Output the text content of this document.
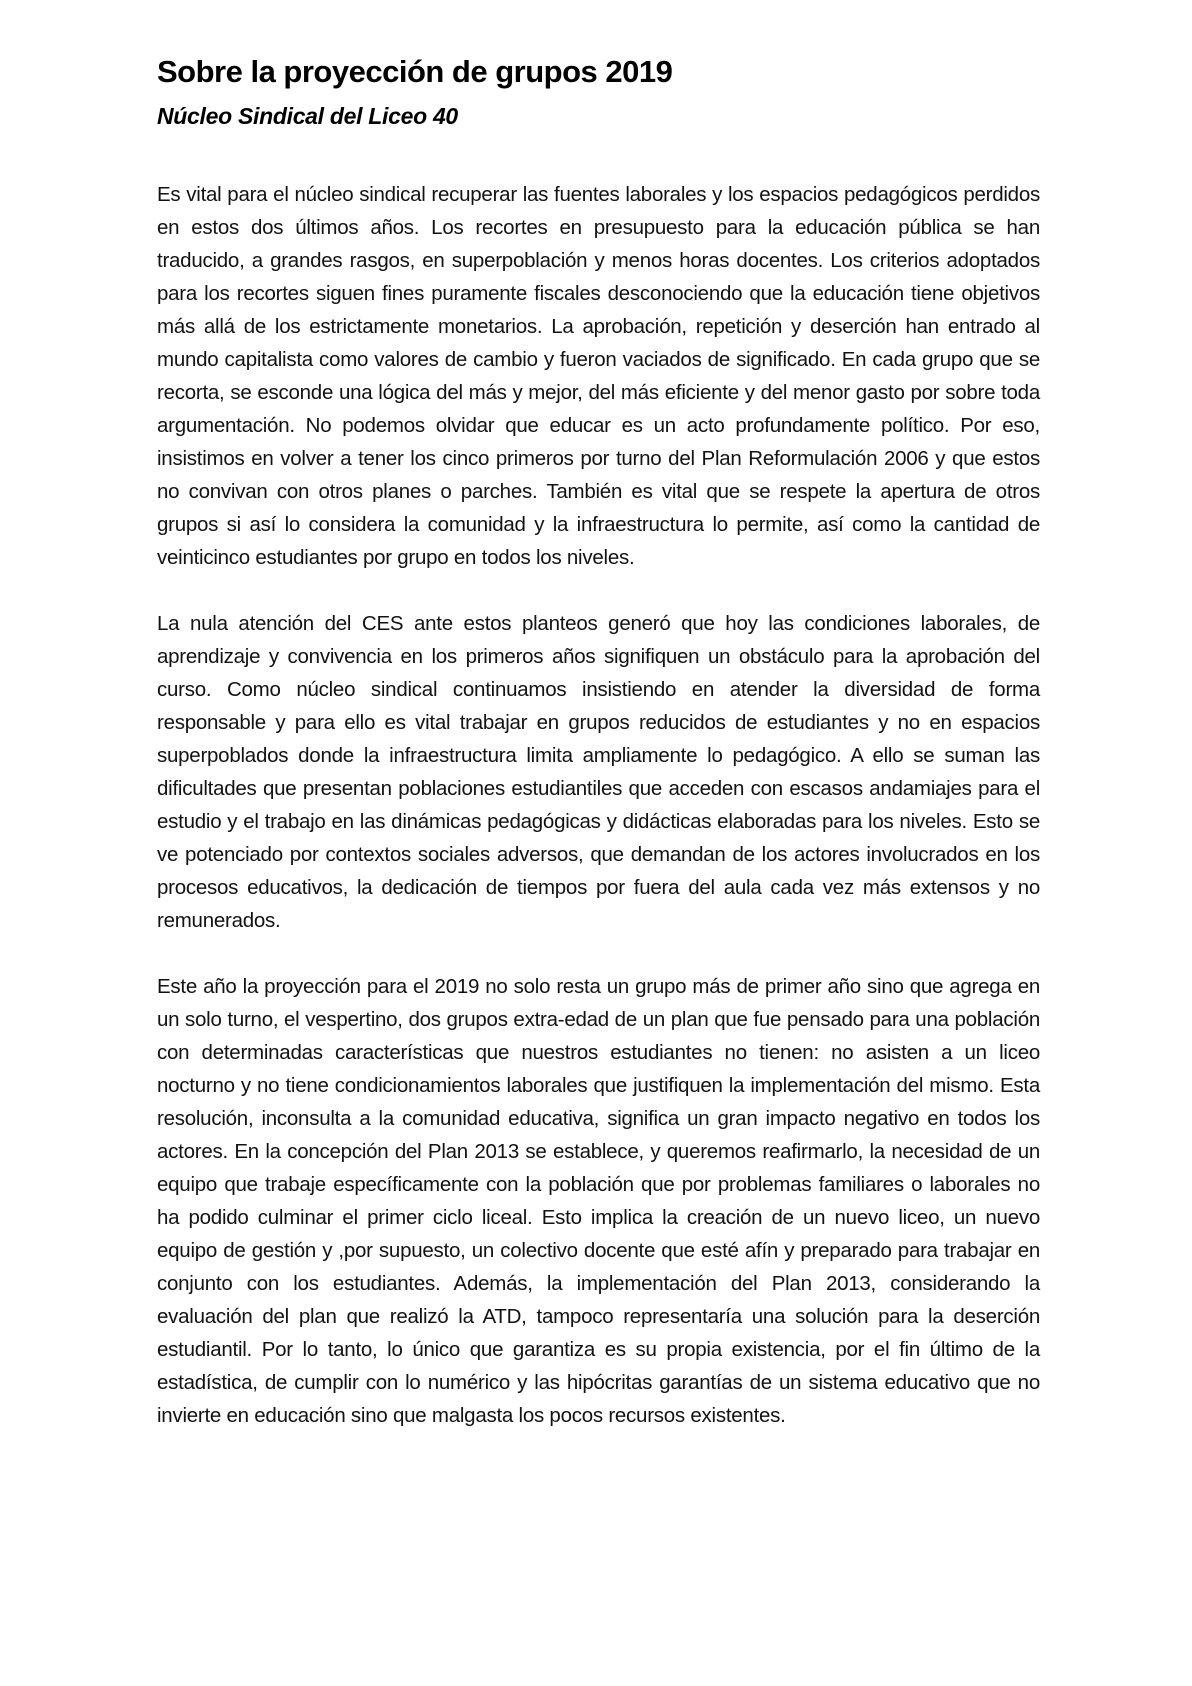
Sobre la proyección de grupos 2019
Núcleo Sindical del Liceo 40

Es vital para el núcleo sindical recuperar las fuentes laborales y los espacios pedagógicos perdidos en estos dos últimos años. Los recortes en presupuesto para la educación pública se han traducido, a grandes rasgos, en superpoblación y menos horas docentes. Los criterios adoptados para los recortes siguen fines puramente fiscales desconociendo que la educación tiene objetivos más allá de los estrictamente monetarios. La aprobación, repetición y deserción han entrado al mundo capitalista como valores de cambio y fueron vaciados de significado. En cada grupo que se recorta, se esconde una lógica del más y mejor, del más eficiente y del menor gasto por sobre toda argumentación. No podemos olvidar que educar es un acto profundamente político. Por eso, insistimos en volver a tener los cinco primeros por turno del Plan Reformulación 2006 y que estos no convivan con otros planes o parches. También es vital que se respete la apertura de otros grupos si así lo considera la comunidad y la infraestructura lo permite, así como la cantidad de veinticinco estudiantes por grupo en todos los niveles.

La nula atención del CES ante estos planteos generó que hoy las condiciones laborales, de aprendizaje y convivencia en los primeros años signifiquen un obstáculo para la aprobación del curso. Como núcleo sindical continuamos insistiendo en atender la diversidad de forma responsable y para ello es vital trabajar en grupos reducidos de estudiantes y no en espacios superpoblados donde la infraestructura limita ampliamente lo pedagógico. A ello se suman las dificultades que presentan poblaciones estudiantiles que acceden con escasos andamiajes para el estudio y el trabajo en las dinámicas pedagógicas y didácticas elaboradas para los niveles. Esto se ve potenciado por contextos sociales adversos, que demandan de los actores involucrados en los procesos educativos, la dedicación de tiempos por fuera del aula cada vez más extensos y no remunerados.

Este año la proyección para el 2019 no solo resta un grupo más de primer año sino que agrega en un solo turno, el vespertino, dos grupos extra-edad de un plan que fue pensado para una población con determinadas características que nuestros estudiantes no tienen: no asisten a un liceo nocturno y no tiene condicionamientos laborales que justifiquen la implementación del mismo. Esta resolución, inconsulta a la comunidad educativa, significa un gran impacto negativo en todos los actores. En la concepción del Plan 2013 se establece, y queremos reafirmarlo, la necesidad de un equipo que trabaje específicamente con la población que por problemas familiares o laborales no ha podido culminar el primer ciclo liceal. Esto implica la creación de un nuevo liceo, un nuevo equipo de gestión y ,por supuesto, un colectivo docente que esté afín y preparado para trabajar en conjunto con los estudiantes. Además, la implementación del Plan 2013, considerando la evaluación del plan que realizó la ATD, tampoco representaría una solución para la deserción estudiantil. Por lo tanto, lo único que garantiza es su propia existencia, por el fin último de la estadística, de cumplir con lo numérico y las hipócritas garantías de un sistema educativo que no invierte en educación sino que malgasta los pocos recursos existentes.
